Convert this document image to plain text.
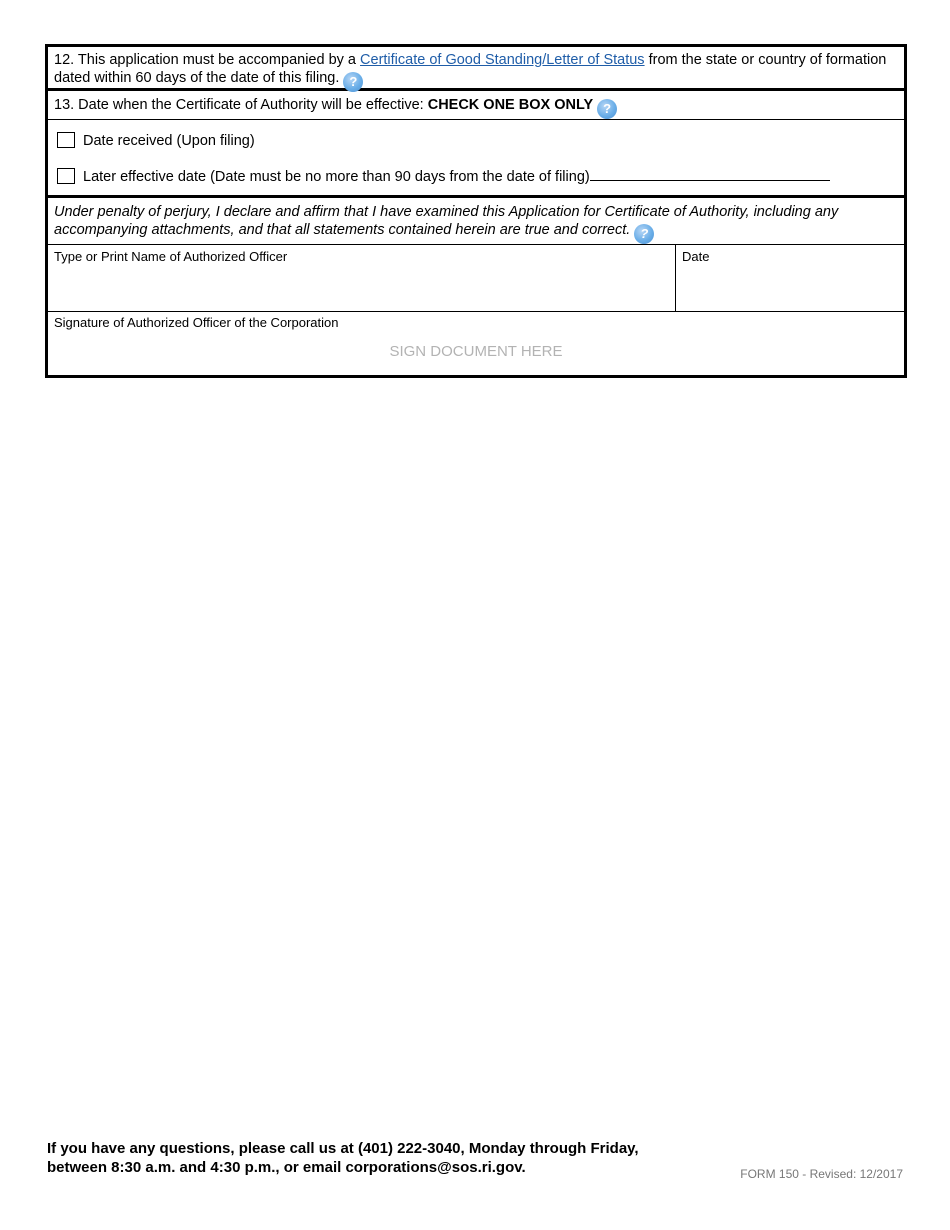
12. This application must be accompanied by a Certificate of Good Standing/Letter of Status from the state or country of formation dated within 60 days of the date of this filing. ?
13. Date when the Certificate of Authority will be effective: CHECK ONE BOX ONLY ?
Date received (Upon filing)
Later effective date (Date must be no more than 90 days from the date of filing)
Under penalty of perjury, I declare and affirm that I have examined this Application for Certificate of Authority, including any accompanying attachments, and that all statements contained herein are true and correct. ?
Type or Print Name of Authorized Officer	Date
Signature of Authorized Officer of the Corporation
SIGN DOCUMENT HERE
If you have any questions, please call us at (401) 222-3040, Monday through Friday,
between 8:30 a.m. and 4:30 p.m., or email corporations@sos.ri.gov.	FORM 150 - Revised: 12/2017
